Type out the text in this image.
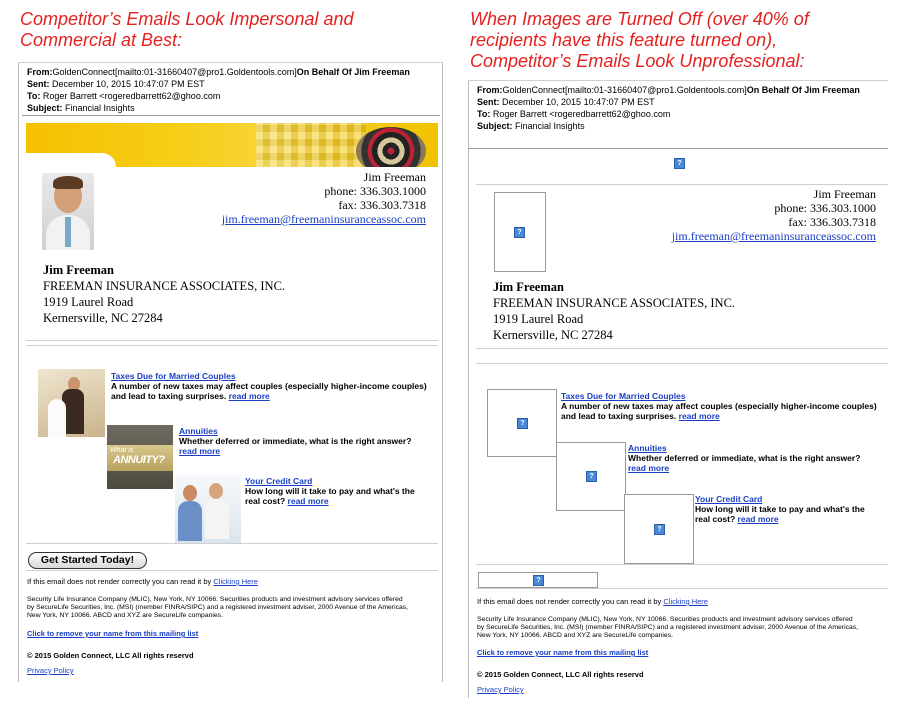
Competitor’s Emails Look Impersonal and Commercial at Best:
When Images are Turned Off (over 40% of recipients have this feature turned on), Competitor’s Emails Look Unprofessional:
From:GoldenConnect[mailto:01-31660407@pro1.Goldentools.com]On Behalf Of Jim Freeman
Sent: December 10, 2015 10:47:07 PM EST
To: Roger Barrett <rogeredbarrett62@ghoo.com
Subject: Financial Insights
Jim Freeman
phone: 336.303.1000
fax: 336.303.7318
jim.freeman@freemaninsuranceassoc.com
Jim Freeman
FREEMAN INSURANCE ASSOCIATES, INC.
1919 Laurel Road
Kernersville, NC 27284
Taxes Due for Married Couples
A number of new taxes may affect couples (especially higher-income couples) and lead to taxing surprises. read more
What is
ANNUITY?
Annuities
Whether deferred or immediate, what is the right answer?
read more
Your Credit Card
How long will it take to pay and what's the real cost? read more
Get Started Today!
If this email does not render correctly you can read it by Clicking Here
Security Life Insurance Company (MLIC), New York, NY 10066. Securities products and investment advisory services offered
by SecureLife Securities, Inc. (MSI) (member FINRA/SIPC) and a registered investment adviser, 2000 Avenue of the Americas,
New York, NY 10066. ABCD and XYZ are SecureLife companies.
Click to remove your name from this mailing list
© 2015 Golden Connect, LLC All rights reservd
Privacy Policy
From:GoldenConnect[mailto:01-31660407@pro1.Goldentools.com]On Behalf Of Jim Freeman
Sent: December 10, 2015 10:47:07 PM EST
To: Roger Barrett <rogeredbarrett62@ghoo.com
Subject: Financial Insights
?
?
Jim Freeman
phone: 336.303.1000
fax: 336.303.7318
jim.freeman@freemaninsuranceassoc.com
Jim Freeman
FREEMAN INSURANCE ASSOCIATES, INC.
1919 Laurel Road
Kernersville, NC 27284
?
Taxes Due for Married Couples
A number of new taxes may affect couples (especially higher-income couples) and lead to taxing surprises. read more
?
Annuities
Whether deferred or immediate, what is the right answer?
read more
?
Your Credit Card
How long will it take to pay and what's the real cost? read more
?
If this email does not render correctly you can read it by Clicking Here
Security Life Insurance Company (MLIC), New York, NY 10066. Securities products and investment advisory services offered
by SecureLife Securities, Inc. (MSI) (member FINRA/SIPC) and a registered investment adviser, 2000 Avenue of the Americas,
New York, NY 10066. ABCD and XYZ are SecureLife companies.
Click to remove your name from this mailing list
© 2015 Golden Connect, LLC All rights reservd
Privacy Policy
